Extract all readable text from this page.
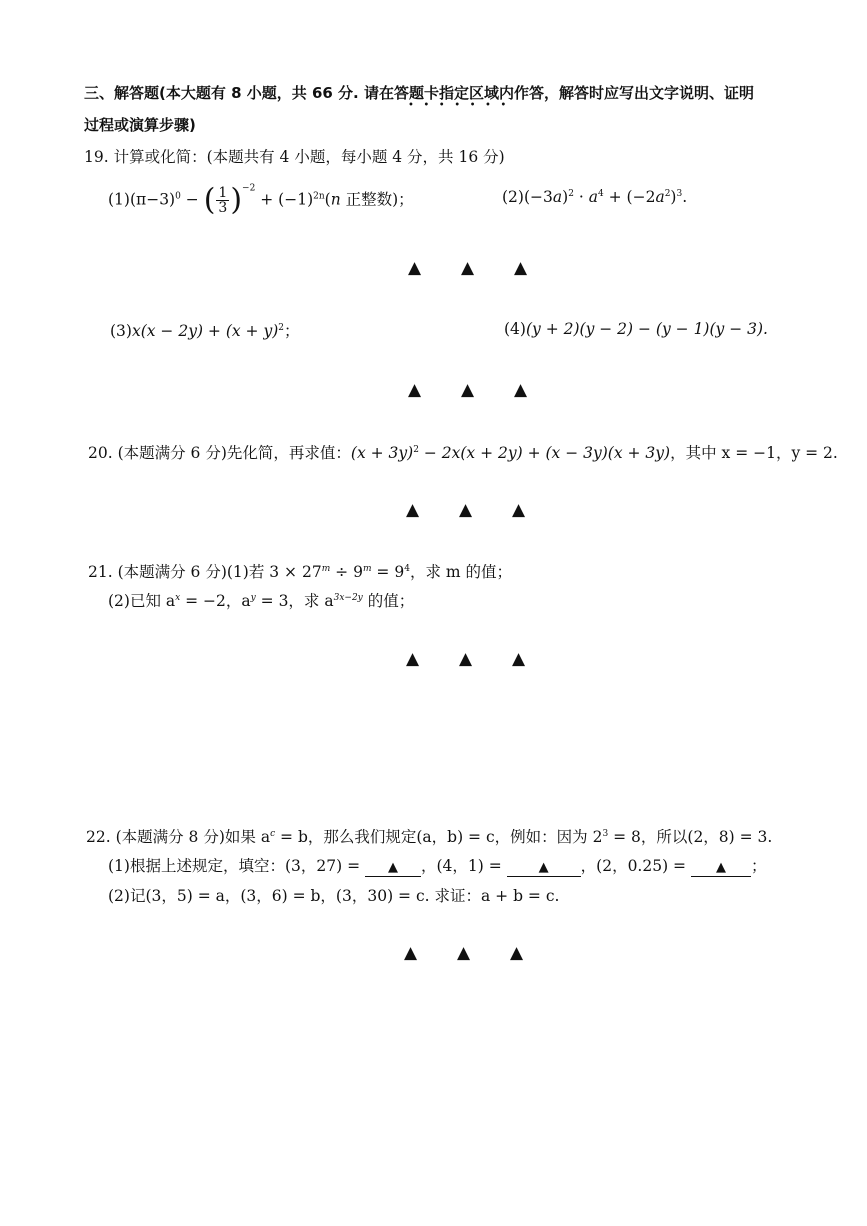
三、解答题(本大题有 8 小题，共 66 分. 请在答题卡指定区域内作答，解答时应写出文字说明、证明
•••••••
过程或演算步骤)
19. 计算或化简：(本题共有 4 小题，每小题 4 分，共 16 分)
$(1)(\pi-3)^0$ − ( $\frac{1}{3} )^{-2} + (-1)^{2n}(n$ 正整数)；	$(2)(-3a)^2 \cdot a^4 + (-2a^2)^3$.
▲ ▲ ▲
$(3)x(x - 2y) + (x + y)^2$；	(4)(y + 2)(y − 2) − (y − 1)(y − 3).
▲ ▲ ▲
20. (本题满分 6 分)先化简，再求值：$(x + 3y)^2 - 2x(x + 2y) + (x - 3y)(x + 3y)$，其中 x = −1，y = 2.
▲ ▲ ▲
21. (本题满分 6 分)(1)若 $3 \times 27^m \div 9^m = 9^4$，求 m 的值；
(2)已知 $a^x = -2$，$a^y = 3$，求 $a^{3x-2y}$ 的值；
▲ ▲ ▲
22. (本题满分 8 分)如果 $a^c = b$，那么我们规定(a，b) = c，例如：因为 $2^3 = 8$，所以(2，8) = 3.
(1)根据上述规定，填空：(3，27) = ▲ ，(4，1) = ▲ ，(2，0.25) = ▲ ；
(2)记(3，5) = a，(3，6) = b，(3，30) = c. 求证：a + b = c.
▲ ▲ ▲
